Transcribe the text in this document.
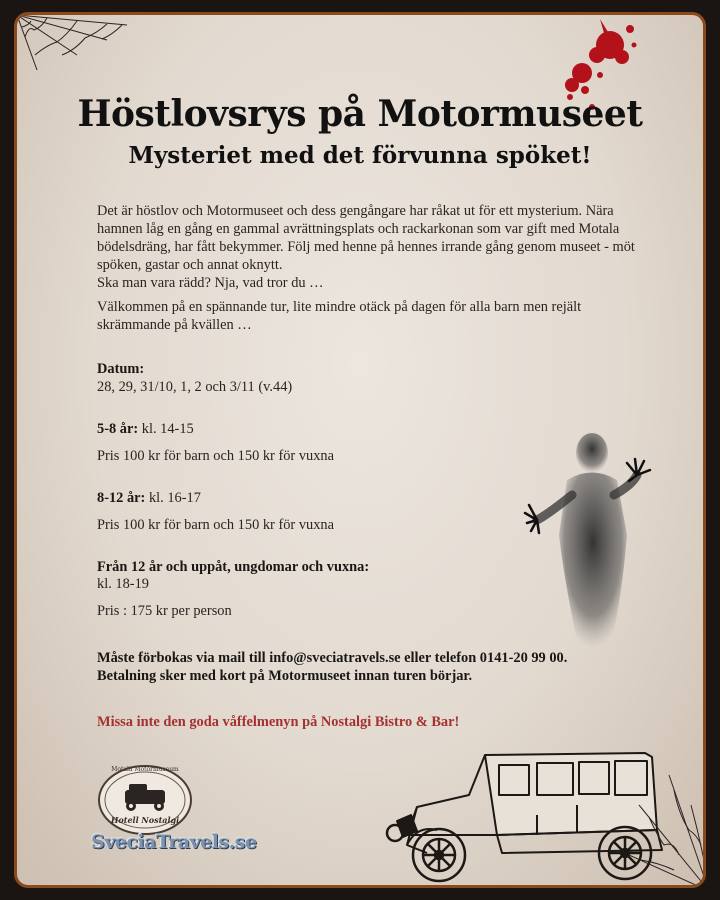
Höstlovsrys på Motormuseet
Mysteriet med det förvunna spöket!

Det är höstlov och Motormuseet och dess gengångare har råkat ut för ett mysterium. Nära hamnen låg en gång en gammal avrättningsplats och rackarkonan som var gift med Motala bödelsdräng, har fått bekymmer. Följ med henne på hennes irrande gång genom museet - möt spöken, gastar och annat oknytt.

Ska man vara rädd? Nja, vad tror du …

Välkommen på en spännande tur, lite mindre otäck på dagen för alla barn men rejält skrämmande på kvällen …

Datum:

28, 29, 31/10, 1, 2 och 3/11 (v.44)

5-8 år: kl. 14-15

Pris 100 kr för barn och 150 kr för vuxna

8-12 år: kl. 16-17

Pris 100 kr för barn och 150 kr för vuxna

Från 12 år och uppåt, ungdomar och vuxna:

kl. 18-19

Pris : 175 kr per person

Måste förbokas via mail till info@sveciatravels.se eller telefon 0141-20 99 00.

Betalning sker med kort på Motormuseet innan turen börjar.

Missa inte den goda våffelmenyn på Nostalgi Bistro & Bar!

Motala Motormuseum
Hotell Nostalgi
SveciaTravels.se
